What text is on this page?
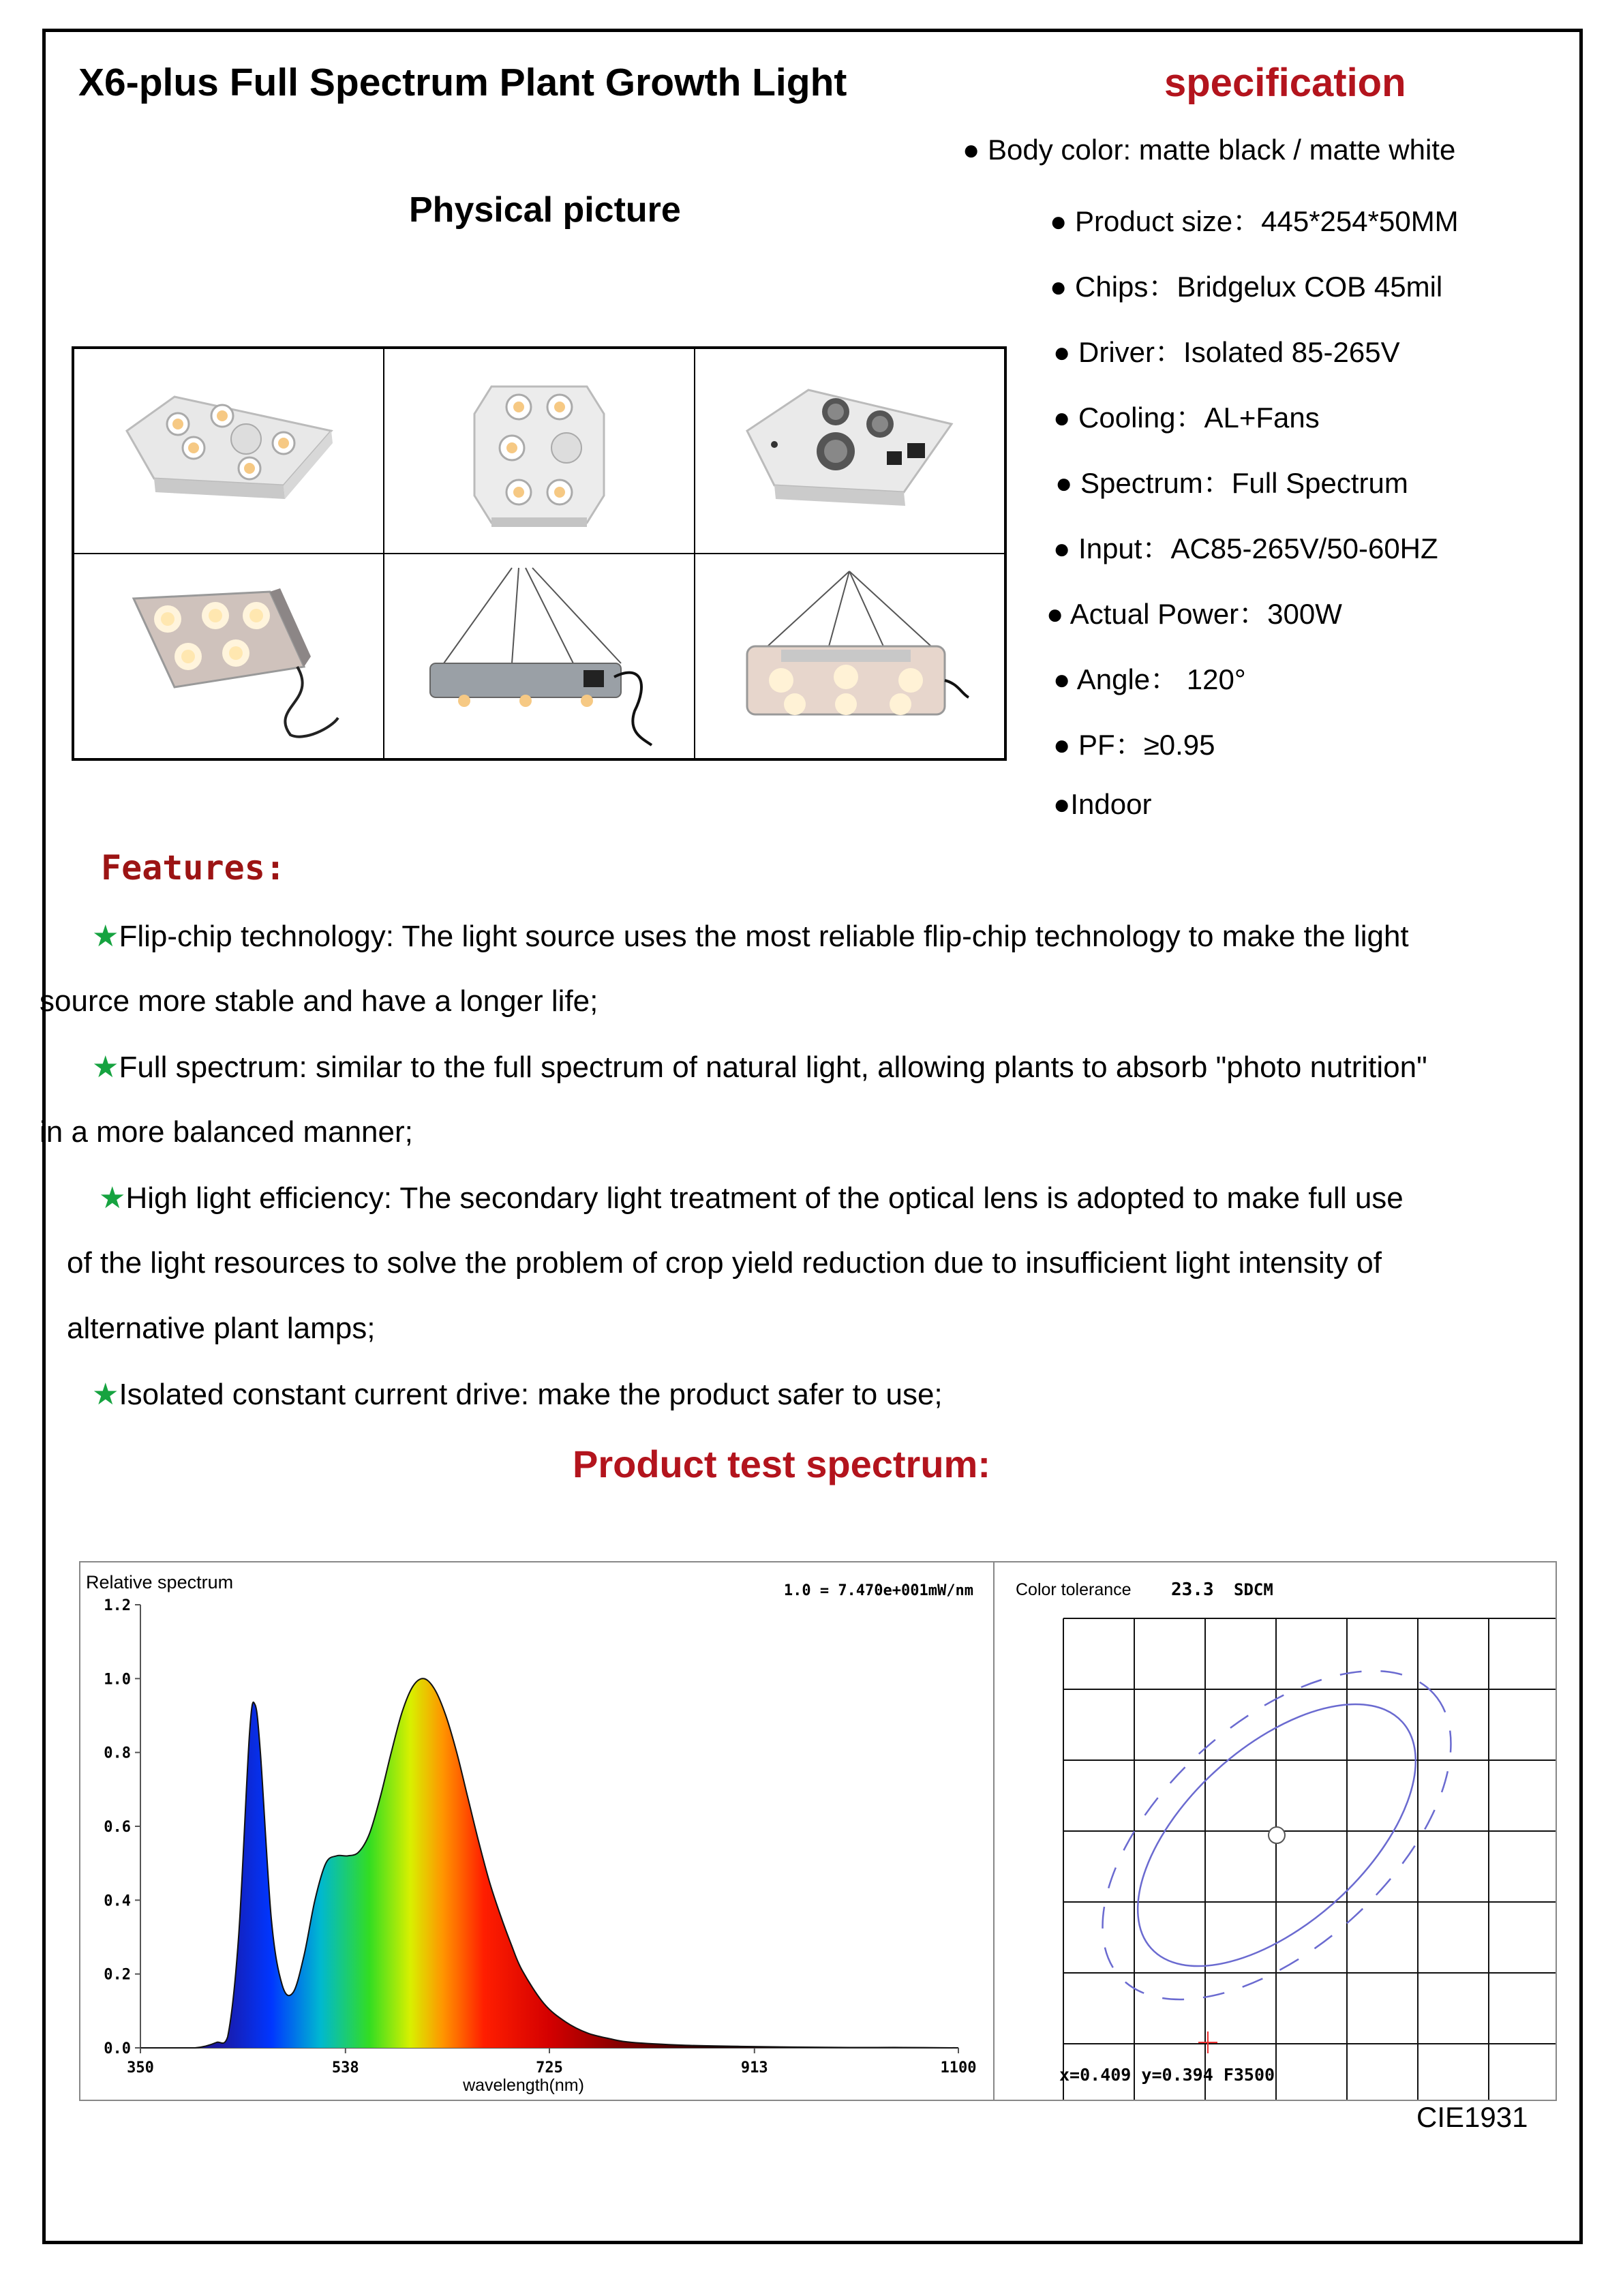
X6-plus Full Spectrum Plant Growth Light	specification
Physical picture
● Body color: matte black / matte white
● Product size：445*254*50MM
● Chips：Bridgelux COB 45mil
● Driver：Isolated 85-265V
● Cooling：AL+Fans
● Spectrum：Full Spectrum
● Input：AC85-265V/50-60HZ
● Actual Power：300W
● Angle： 120°
● PF：≥0.95
●Indoor
Features:
★Flip-chip technology: The light source uses the most reliable flip-chip technology to make the light
source more stable and have a longer life;
★Full spectrum: similar to the full spectrum of natural light, allowing plants to absorb "photo nutrition"
in a more balanced manner;
★High light efficiency: The secondary light treatment of the optical lens is adopted to make full use
of the light resources to solve the problem of crop yield reduction due to insufficient light intensity of
alternative plant lamps;
★Isolated constant current drive: make the product safer to use;
Product test spectrum:
Relative spectrum	1.0 = 7.470e+001mW/nm
wavelength(nm)
0.0
0.2
0.4
0.6
0.8
1.0
1.2
350	538	725	913	1100
Color tolerance 23.3 SDCM
x=0.409 y=0.394 F3500
CIE1931
